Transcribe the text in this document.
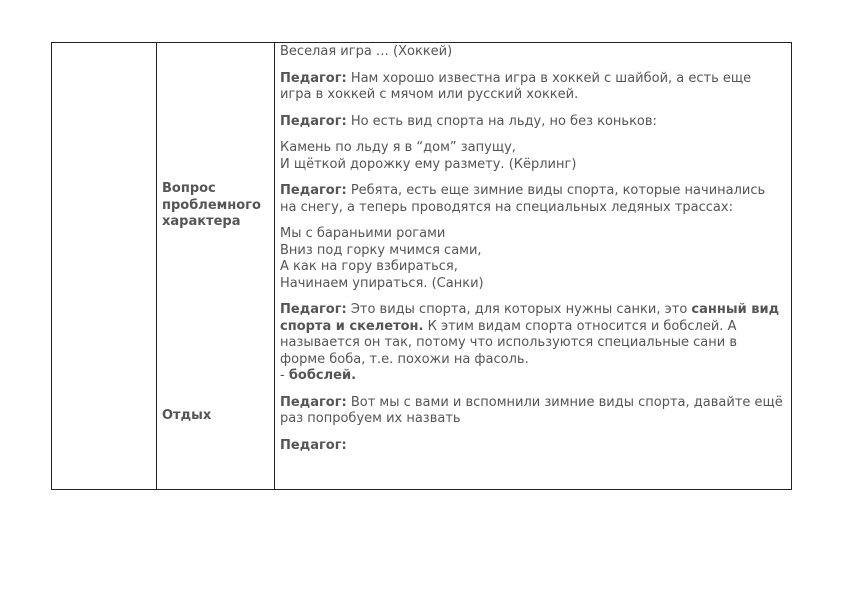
Вопрос проблемного характера
Отдых
Веселая игра … (Хоккей)
Педагог: Нам хорошо известна игра в хоккей с шайбой, а есть еще игра в хоккей с мячом или русский хоккей.
Педагог: Но есть вид спорта на льду, но без коньков:
Камень по льду я в “дом” запущу,
И щёткой дорожку ему размету. (Кёрлинг)
Педагог: Ребята, есть еще зимние виды спорта, которые начинались на снегу, а теперь проводятся на специальных ледяных трассах:
Мы с бараньими рогами
Вниз под горку мчимся сами,
А как на гору взбираться,
Начинаем упираться. (Санки)
Педагог: Это виды спорта, для которых нужны санки, это санный вид спорта и скелетон. К этим видам спорта относится и бобслей. А называется он так, потому что используются специальные сани в форме боба, т.е. похожи на фасоль.
- бобслей.
Педагог: Вот мы с вами и вспомнили зимние виды спорта, давайте ещё раз попробуем их назвать
Педагог:
